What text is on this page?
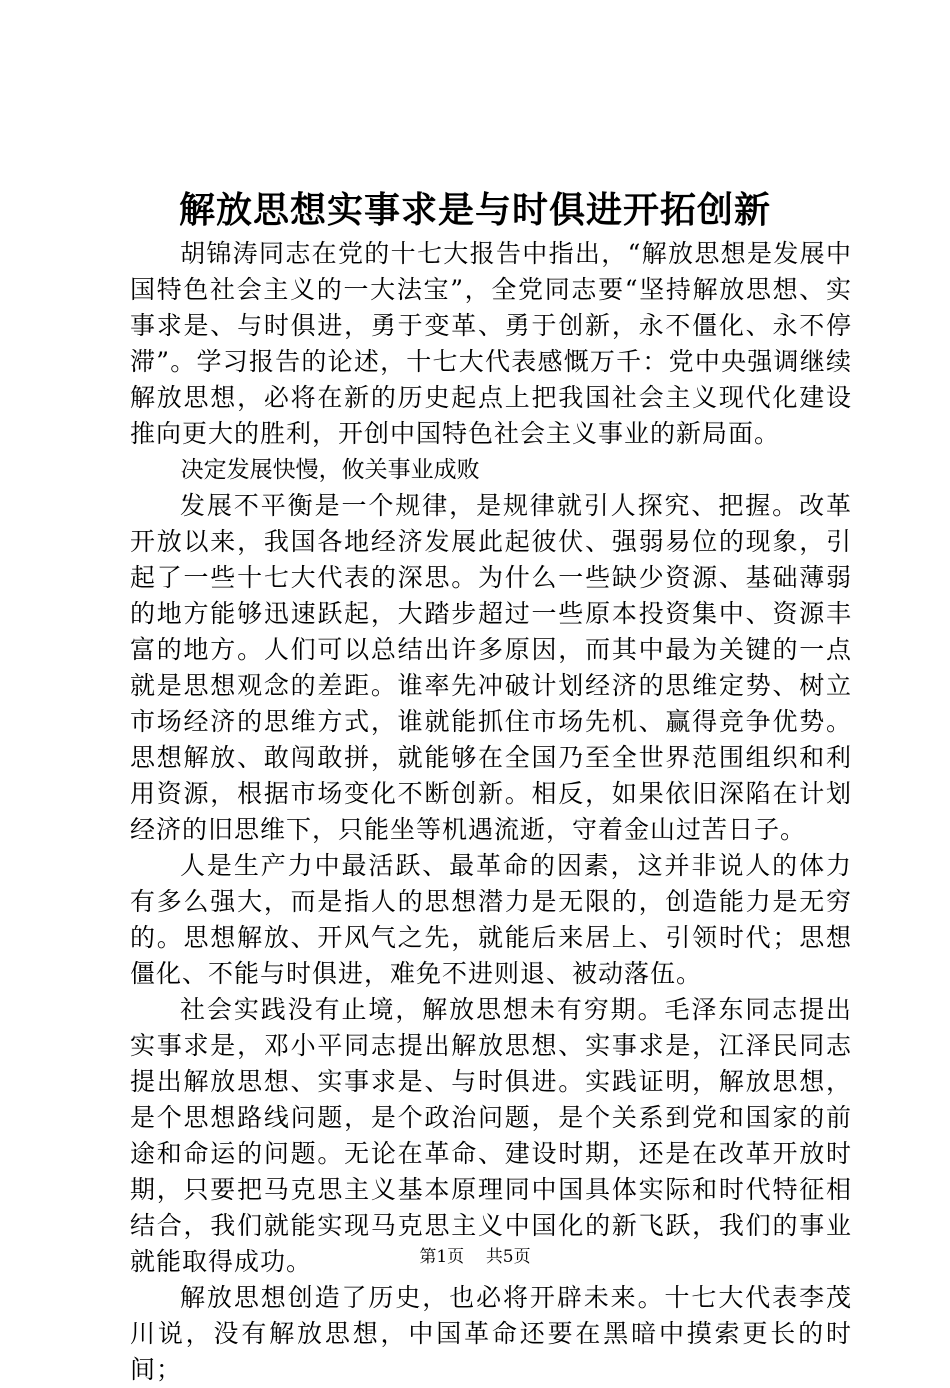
解放思想实事求是与时俱进开拓创新

胡锦涛同志在党的十七大报告中指出，“解放思想是发展中国特色社会主义的一大法宝”，全党同志要“坚持解放思想、实事求是、与时俱进，勇于变革、勇于创新，永不僵化、永不停滞”。学习报告的论述，十七大代表感慨万千：党中央强调继续解放思想，必将在新的历史起点上把我国社会主义现代化建设推向更大的胜利，开创中国特色社会主义事业的新局面。

决定发展快慢，攸关事业成败

发展不平衡是一个规律，是规律就引人探究、把握。改革开放以来，我国各地经济发展此起彼伏、强弱易位的现象，引起了一些十七大代表的深思。为什么一些缺少资源、基础薄弱的地方能够迅速跃起，大踏步超过一些原本投资集中、资源丰富的地方。人们可以总结出许多原因，而其中最为关键的一点就是思想观念的差距。谁率先冲破计划经济的思维定势、树立市场经济的思维方式，谁就能抓住市场先机、赢得竞争优势。思想解放、敢闯敢拼，就能够在全国乃至全世界范围组织和利用资源，根据市场变化不断创新。相反，如果依旧深陷在计划经济的旧思维下，只能坐等机遇流逝，守着金山过苦日子。

人是生产力中最活跃、最革命的因素，这并非说人的体力有多么强大，而是指人的思想潜力是无限的，创造能力是无穷的。思想解放、开风气之先，就能后来居上、引领时代；思想僵化、不能与时俱进，难免不进则退、被动落伍。

社会实践没有止境，解放思想未有穷期。毛泽东同志提出实事求是，邓小平同志提出解放思想、实事求是，江泽民同志提出解放思想、实事求是、与时俱进。实践证明，解放思想，是个思想路线问题，是个政治问题，是个关系到党和国家的前途和命运的问题。无论在革命、建设时期，还是在改革开放时期，只要把马克思主义基本原理同中国具体实际和时代特征相结合，我们就能实现马克思主义中国化的新飞跃，我们的事业就能取得成功。

解放思想创造了历史，也必将开辟未来。十七大代表李茂川说，没有解放思想，中国革命还要在黑暗中摸索更长的时间；

第1页 共5页
